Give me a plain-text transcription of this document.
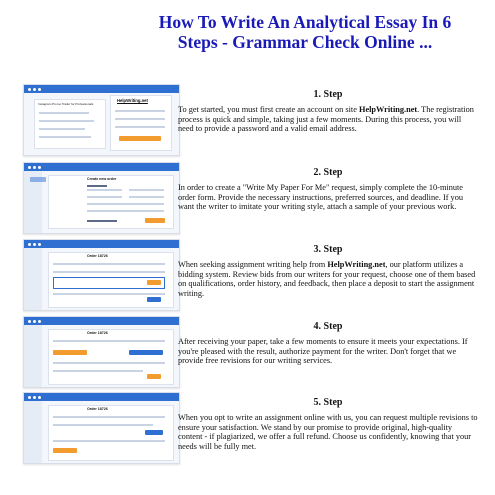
How To Write An Analytical Essay In 6 Steps - Grammar Check Online ...
Instagram Promo Trailer for Professionals
HelpWriting.net
1. Step
To get started, you must first create an account on site HelpWriting.net. The registration process is quick and simple, taking just a few moments. During this process, you will need to provide a password and a valid email address.
Create new order
2. Step
In order to create a "Write My Paper For Me" request, simply complete the 10-minute order form. Provide the necessary instructions, preferred sources, and deadline. If you want the writer to imitate your writing style, attach a sample of your previous work.
Order 18726
3. Step
When seeking assignment writing help from HelpWriting.net, our platform utilizes a bidding system. Review bids from our writers for your request, choose one of them based on qualifications, order history, and feedback, then place a deposit to start the assignment writing.
Order 18726
4. Step
After receiving your paper, take a few moments to ensure it meets your expectations. If you're pleased with the result, authorize payment for the writer. Don't forget that we provide free revisions for our writing services.
Order 18726
5. Step
When you opt to write an assignment online with us, you can request multiple revisions to ensure your satisfaction. We stand by our promise to provide original, high-quality content - if plagiarized, we offer a full refund. Choose us confidently, knowing that your needs will be fully met.
